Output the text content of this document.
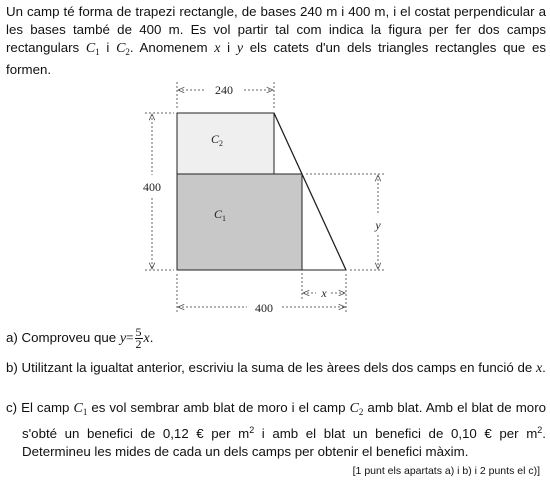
Un camp té forma de trapezi rectangle, de bases 240 m i 400 m, i el costat perpendicular a les bases també de 400 m. Es vol partir tal com indica la figura per fer dos camps rectangulars $C_1$ i $C_2$. Anomenem x i y els catets d'un dels triangles rectangles que es formen.

240
400
400
x
y
$C_2$
$C_1$
a) Comproveu que $y= \frac{5}{2} x$.
b) Utilitzant la igualtat anterior, escriviu la suma de les àrees dels dos camps en funció de x.
c) El camp $C_1$ es vol sembrar amb blat de moro i el camp $C_2$ amb blat. Amb el blat de moro s'obté un benefici de 0,12 € per $m^2$ i amb el blat un benefici de 0,10 € per $m^2$. Determineu les mides de cada un dels camps per obtenir el benefici màxim.
[1 punt els apartats a) i b) i 2 punts el c)]
